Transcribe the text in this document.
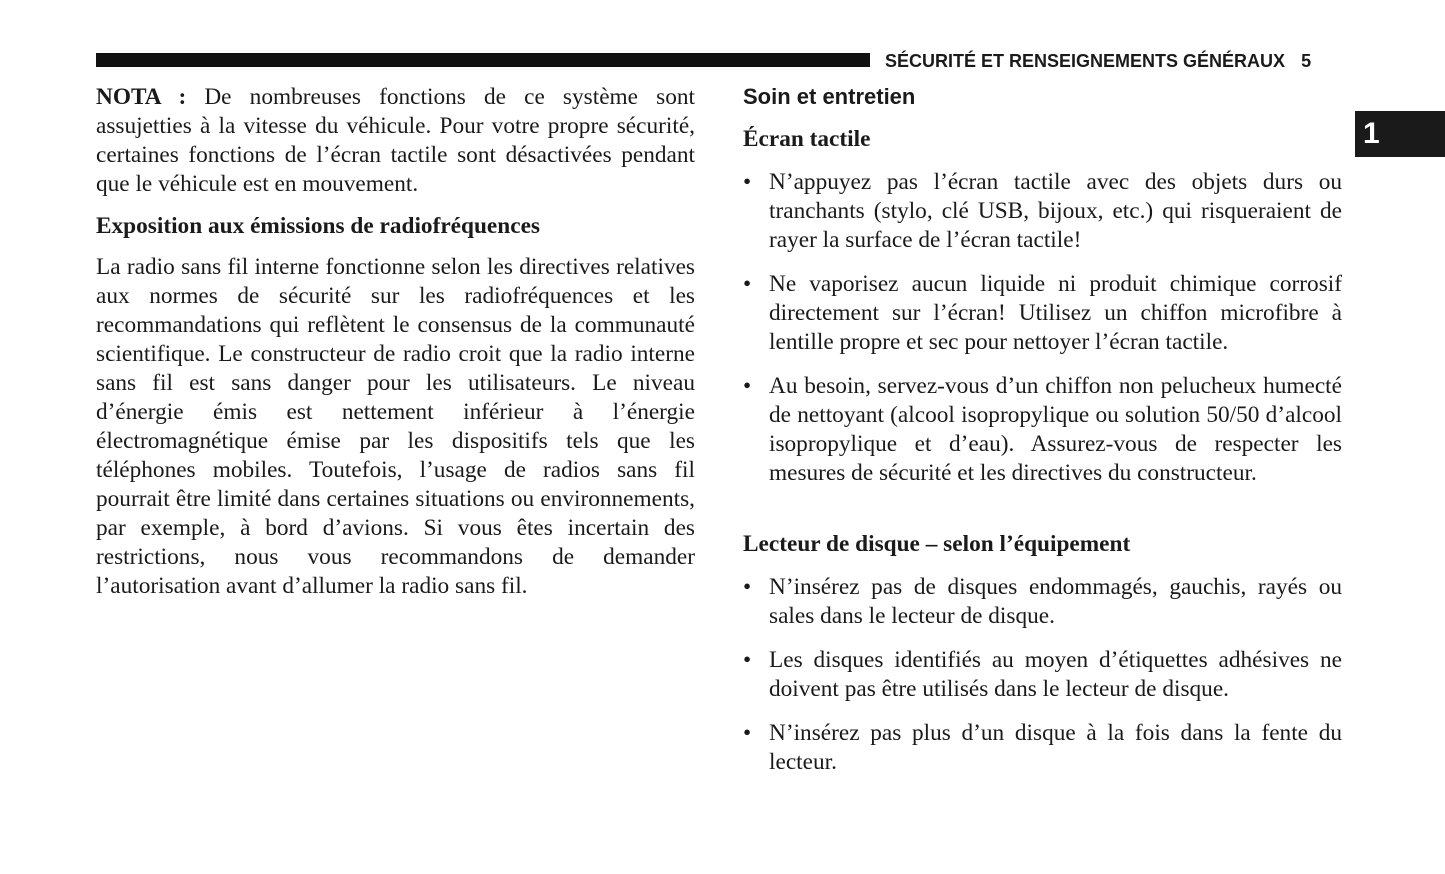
SÉCURITÉ ET RENSEIGNEMENTS GÉNÉRAUX 5
1
NOTA : De nombreuses fonctions de ce système sont assujetties à la vitesse du véhicule. Pour votre propre sécurité, certaines fonctions de l’écran tactile sont désactivées pendant que le véhicule est en mouvement.
Exposition aux émissions de radiofréquences
La radio sans fil interne fonctionne selon les directives relatives aux normes de sécurité sur les radiofréquences et les recommandations qui reflètent le consensus de la communauté scientifique. Le constructeur de radio croit que la radio interne sans fil est sans danger pour les utilisateurs. Le niveau d’énergie émis est nettement inférieur à l’énergie électromagnétique émise par les dispositifs tels que les téléphones mobiles. Toutefois, l’usage de radios sans fil pourrait être limité dans certaines situations ou environnements, par exemple, à bord d’avions. Si vous êtes incertain des restrictions, nous vous recommandons de demander l’autorisation avant d’allumer la radio sans fil.
Soin et entretien
Écran tactile
• N’appuyez pas l’écran tactile avec des objets durs ou tranchants (stylo, clé USB, bijoux, etc.) qui risqueraient de rayer la surface de l’écran tactile!
• Ne vaporisez aucun liquide ni produit chimique corrosif directement sur l’écran! Utilisez un chiffon microfibre à lentille propre et sec pour nettoyer l’écran tactile.
• Au besoin, servez-vous d’un chiffon non pelucheux humecté de nettoyant (alcool isopropylique ou solution 50/50 d’alcool isopropylique et d’eau). Assurez-vous de respecter les mesures de sécurité et les directives du constructeur.
Lecteur de disque – selon l’équipement
• N’insérez pas de disques endommagés, gauchis, rayés ou sales dans le lecteur de disque.
• Les disques identifiés au moyen d’étiquettes adhésives ne doivent pas être utilisés dans le lecteur de disque.
• N’insérez pas plus d’un disque à la fois dans la fente du lecteur.
